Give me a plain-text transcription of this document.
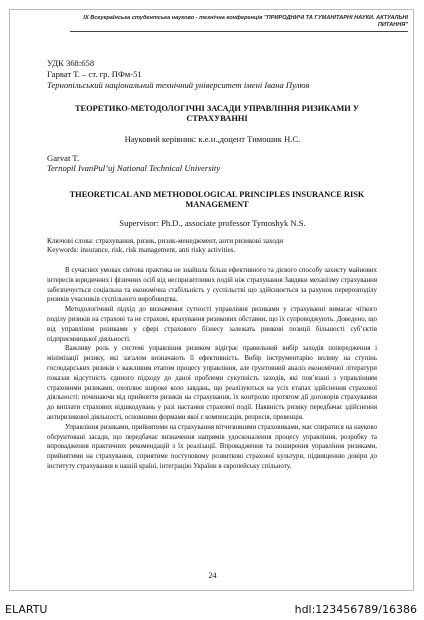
IX Всеукраїнська студентська науково - технічна конференція "ПРИРОДНИЧІ ТА ГУМАНІТАРНІ НАУКИ. АКТУАЛЬНІ ПИТАННЯ"
УДК 368:658
Гарват Т. – ст. гр. ПФм-51
Тернопільський національний технічний університет імені Івана Пулюя
ТЕОРЕТИКО-МЕТОДОЛОГІЧНІ ЗАСАДИ УПРАВЛІННЯ РИЗИКАМИ У СТРАХУВАННІ
Науковий керівник: к.е.н.,доцент Тимошик Н.С.
Garvat T.
Ternopil IvanPul’uj National Technical University
THEORETICAL AND METHODOLOGICAL PRINCIPLES INSURANCE RISK MANAGEMENT
Supervisor: Ph.D., associate professor Tymoshyk N.S.
Ключові слова: страхування, ризик, ризик-менеджмент, анти ризикові заходи
Keywords: insurance, risk, risk management, anti risky activities.

В сучасних умовах світова практика не знайшла більш ефективного та дієвого способу захисту майнових інтересів юридичних і фізичних осіб від неспризитливих подій ніж страхування Завдяки механізму страхування забезпечується соціальна та економічна стабільність у суспільстві що здійснюється за рахунок перерозподілу ризиків учасників суспільного виробництва.

Методологічний підхід до визначення сутності управління ризиками у страхуванні вимагає чіткого поділу ризиків на страхові та не страхові, врахування ризикових обставин, що їх супроводжують. Доведено, що від управління ризиками у сфері страхового бізнесу залежать ринкові позиції більшості суб’єктів підприємницької діяльності.

Важливу роль у системі управління ризиком відіграє правильний вибір заходів попередження і мінімізації ризику, які загалом визначають її ефективність. Вибір інструментарію впливу на ступінь господарських ризиків є важливим етапом процесу управління, але ґрунтовний аналіз економічної літератури показав відсутність єдиного підходу до даної проблеми сукупність заходів, які пов’язані з управлінням страховими ризиками, охоплює широке коло завдань, що реалізуються на усіх етапах здійснення страхової діяльності: починаючи від прийняття ризиків на страхування, їх контролю протягом дії договорів страхування до виплати страхових відшкодувань у разі настання страхової події. Наявність ризику передбачає здійснення антиризикової діяльності, основними формами якої є компенсація, репресія, превенція.

Управління ризиками, прийнятими на страхування вітчизняними страховиками, має спиратися на науково обґрунтовані засади, що передбачає визначення напрямів удосконалення процесу управління, розробку та впровадження практичних рекомендацій з їх реалізації. Впровадження та поширення управління ризиками, прийнятими на страхування, сприятиме поступовому розвиткові страхової культури, підвищенню довіри до інституту страхування в нашій країні, інтеграцію України в європейську спільноту.

24
ELARTU	hdl:123456789/16386
